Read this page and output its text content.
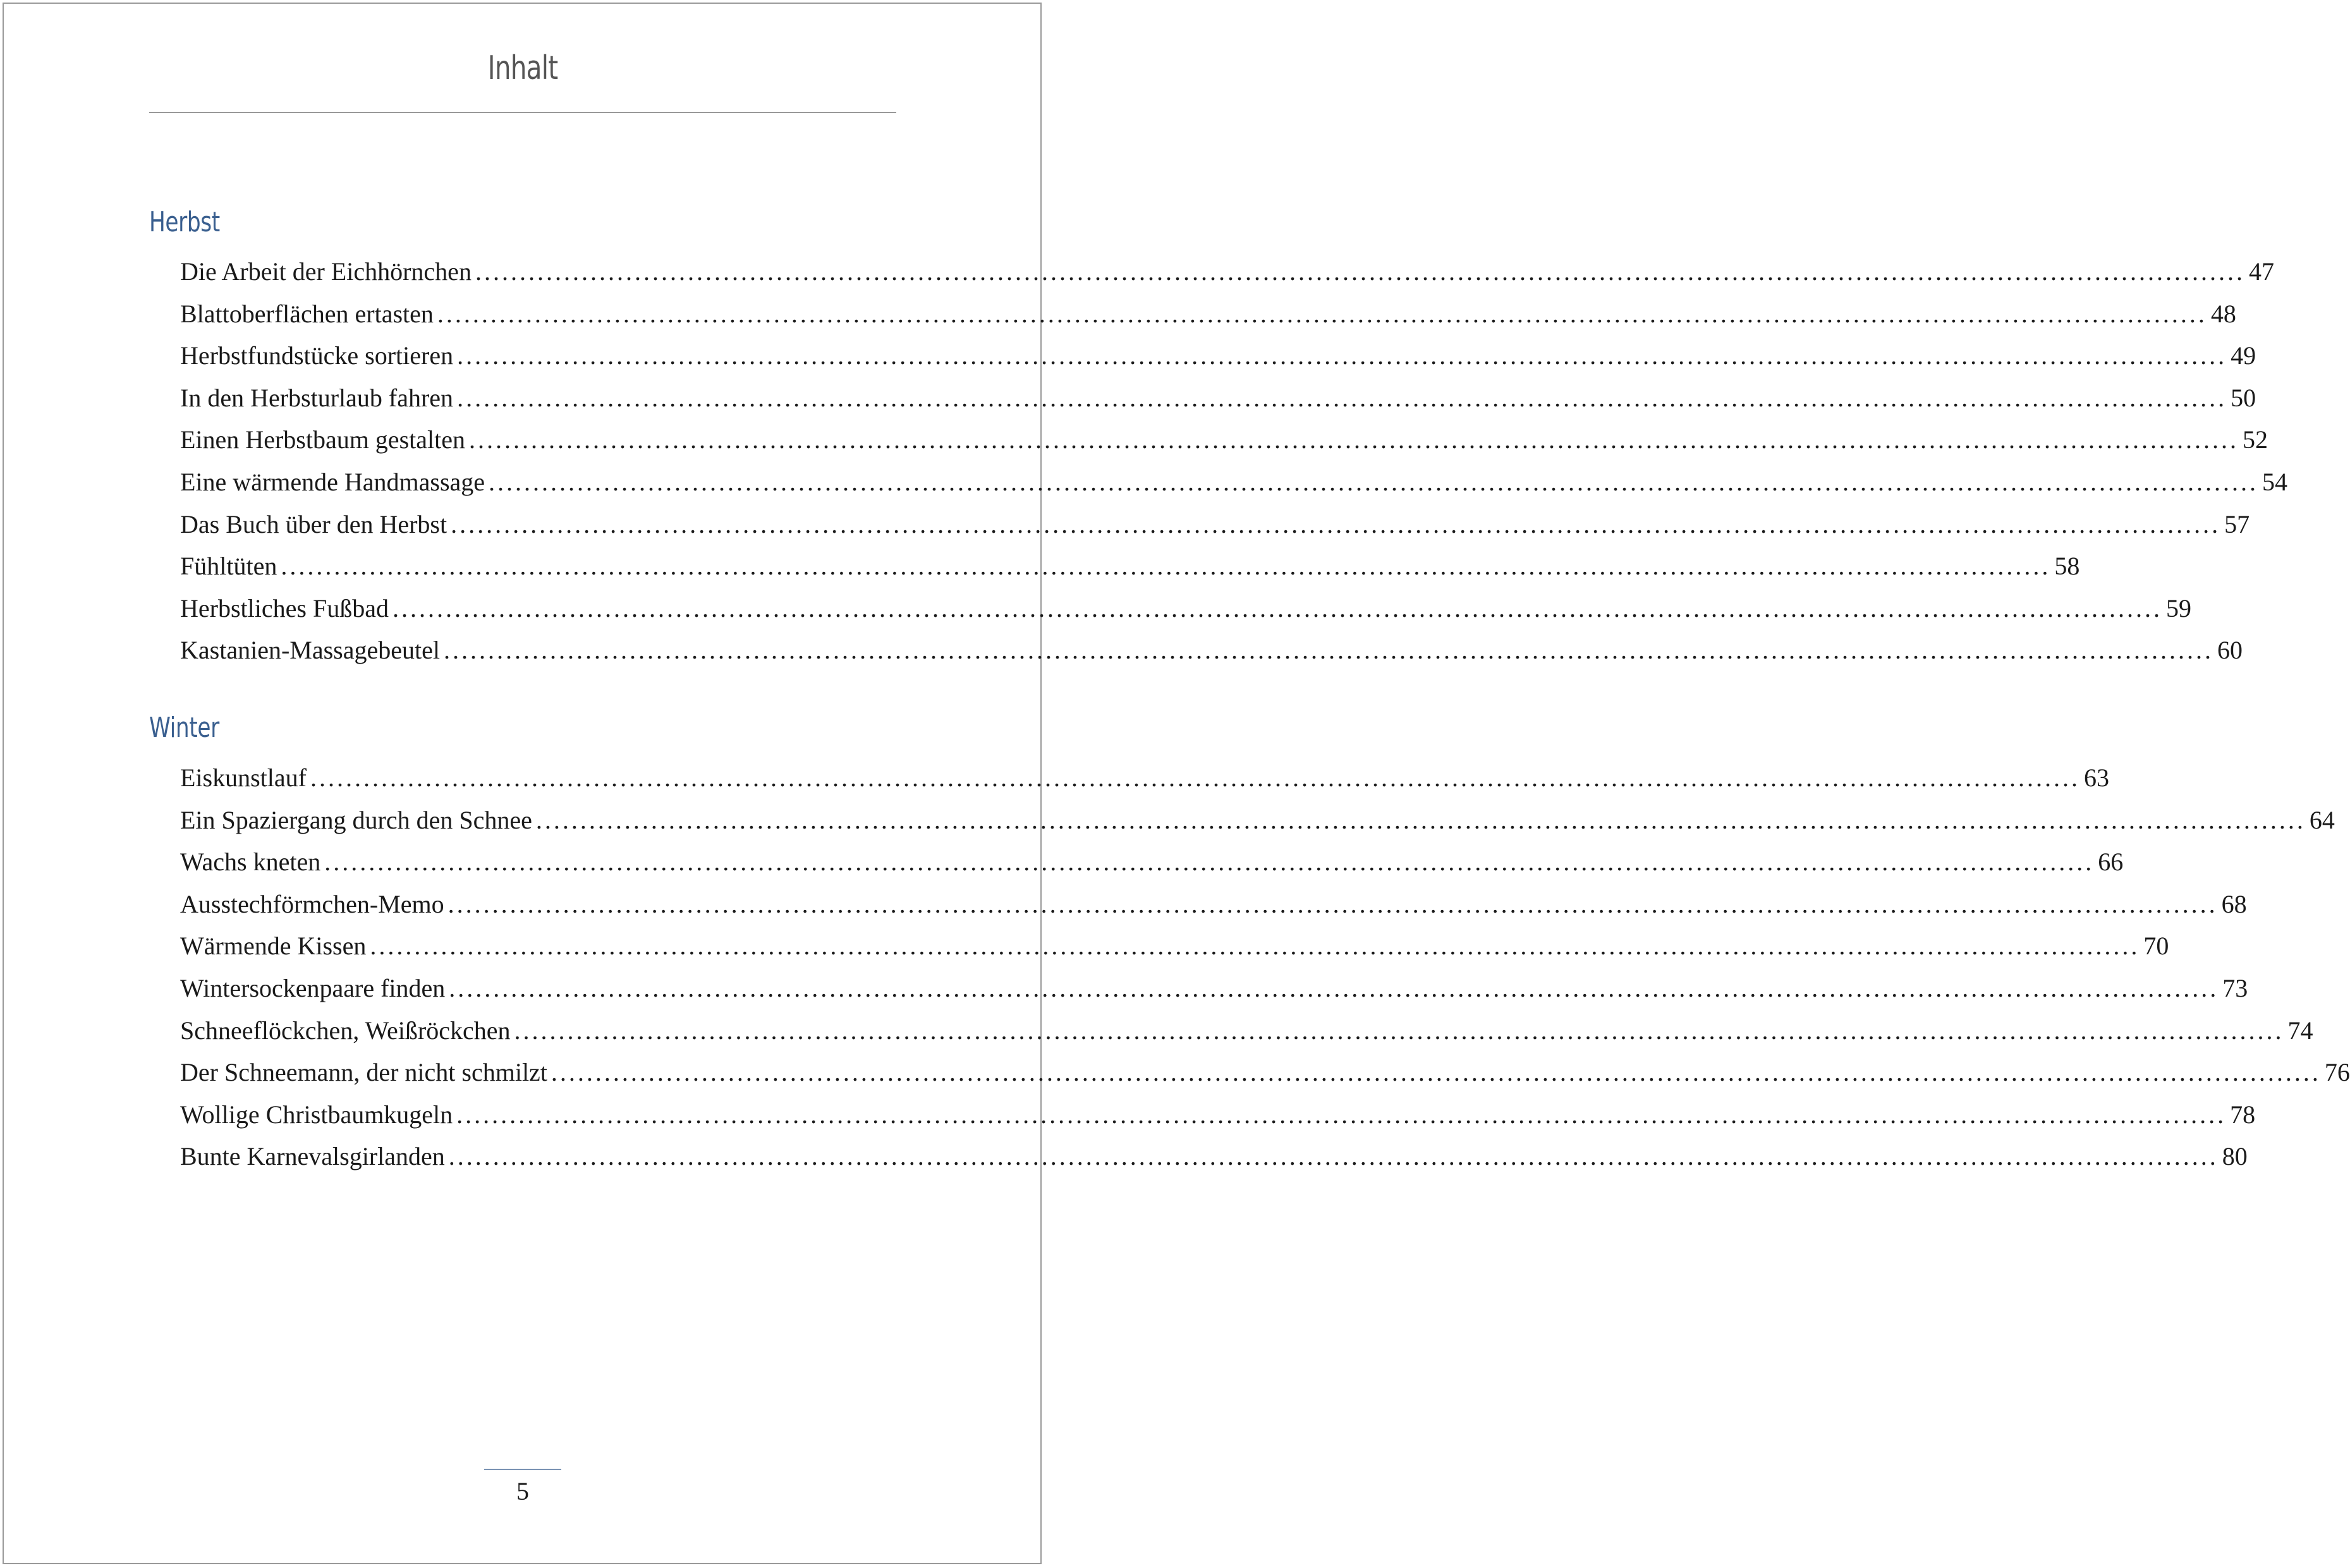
Inhalt
Herbst
Die Arbeit der Eichhörnchen ........................................................................................................................................................................................................ 47
Blattoberflächen ertasten ........................................................................................................................................................................................................ 48
Herbstfundstücke sortieren ........................................................................................................................................................................................................ 49
In den Herbsturlaub fahren ........................................................................................................................................................................................................ 50
Einen Herbstbaum gestalten ........................................................................................................................................................................................................ 52
Eine wärmende Handmassage ........................................................................................................................................................................................................ 54
Das Buch über den Herbst ........................................................................................................................................................................................................ 57
Fühltüten ........................................................................................................................................................................................................ 58
Herbstliches Fußbad ........................................................................................................................................................................................................ 59
Kastanien-Massagebeutel ........................................................................................................................................................................................................ 60
Winter
Eiskunstlauf ........................................................................................................................................................................................................ 63
Ein Spaziergang durch den Schnee ........................................................................................................................................................................................................ 64
Wachs kneten ........................................................................................................................................................................................................ 66
Ausstechförmchen-Memo ........................................................................................................................................................................................................ 68
Wärmende Kissen ........................................................................................................................................................................................................ 70
Wintersockenpaare finden ........................................................................................................................................................................................................ 73
Schneeflöckchen, Weißröckchen ........................................................................................................................................................................................................ 74
Der Schneemann, der nicht schmilzt ........................................................................................................................................................................................................ 76
Wollige Christbaumkugeln ........................................................................................................................................................................................................ 78
Bunte Karnevalsgirlanden ........................................................................................................................................................................................................ 80
5
